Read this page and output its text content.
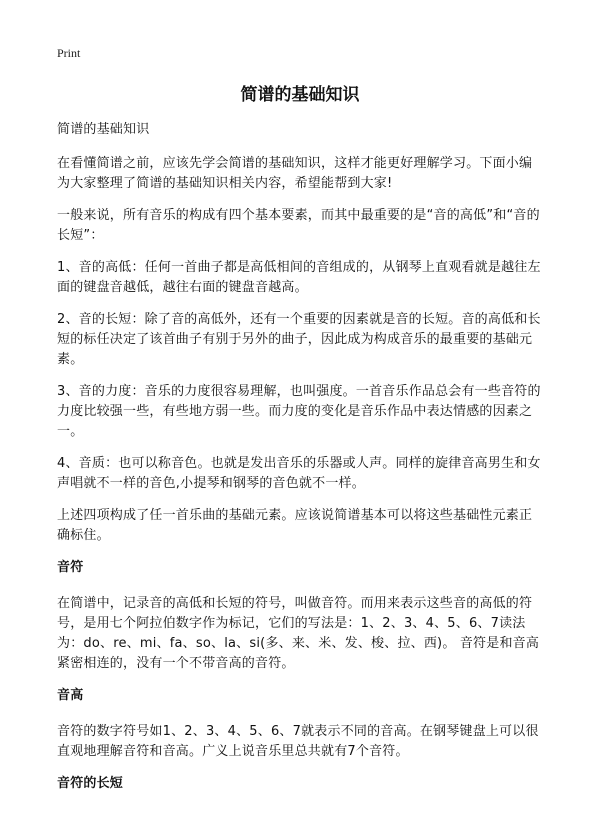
Print
简谱的基础知识

简谱的基础知识

在看懂简谱之前，应该先学会简谱的基础知识，这样才能更好理解学习。下面小编为大家整理了简谱的基础知识相关内容，希望能帮到大家!

一般来说，所有音乐的构成有四个基本要素，而其中最重要的是“音的高低”和“音的长短”：

1、音的高低：任何一首曲子都是高低相间的音组成的，从钢琴上直观看就是越往左面的键盘音越低，越往右面的键盘音越高。

2、音的长短：除了音的高低外，还有一个重要的因素就是音的长短。音的高低和长短的标任决定了该首曲子有别于另外的曲子，因此成为构成音乐的最重要的基础元素。

3、音的力度：音乐的力度很容易理解，也叫强度。一首音乐作品总会有一些音符的力度比较强一些，有些地方弱一些。而力度的变化是音乐作品中表达情感的因素之一。

4、音质：也可以称音色。也就是发出音乐的乐器或人声。同样的旋律音高男生和女声唱就不一样的音色,小提琴和钢琴的音色就不一样。

上述四项构成了任一首乐曲的基础元素。应该说简谱基本可以将这些基础性元素正确标住。

音符

在简谱中，记录音的高低和长短的符号，叫做音符。而用来表示这些音的高低的符号，是用七个阿拉伯数字作为标记，它们的写法是：1、2、3、4、5、6、7读法为：do、re、mi、fa、so、la、si(多、来、米、发、梭、拉、西)。 音符是和音高紧密相连的，没有一个不带音高的音符。

音高

音符的数字符号如1、2、3、4、5、6、7就表示不同的音高。在钢琴键盘上可以很直观地理解音符和音高。广义上说音乐里总共就有7个音符。

音符的长短
